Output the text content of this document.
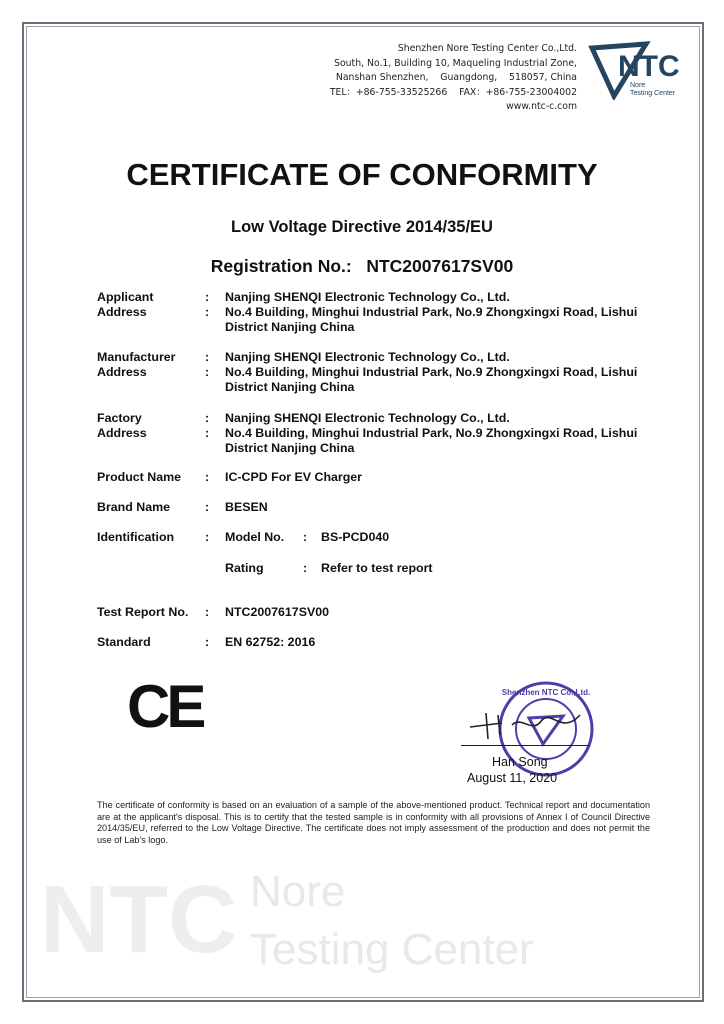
NTC Nore
Testing Center
Shenzhen Nore Testing Center Co.,Ltd.
South, No.1, Building 10, Maqueling Industrial Zone,
Nanshan Shenzhen,    Guangdong,    518057, China
TEL：+86-755-33525266    FAX：+86-755-23004002
www.ntc-c.com
NTC
Nore
Testing Center
CERTIFICATE OF CONFORMITY
Low Voltage Directive 2014/35/EU
Registration No.:   NTC2007617SV00
Applicant	: Nanjing SHENQI Electronic Technology Co., Ltd.
Address	: No.4 Building, Minghui Industrial Park, No.9 Zhongxingxi Road, Lishui District Nanjing China
Manufacturer : Nanjing SHENQI Electronic Technology Co., Ltd.
Address	: No.4 Building, Minghui Industrial Park, No.9 Zhongxingxi Road, Lishui District Nanjing China
Factory	: Nanjing SHENQI Electronic Technology Co., Ltd.
Address	: No.4 Building, Minghui Industrial Park, No.9 Zhongxingxi Road, Lishui District Nanjing China
Product Name : IC-CPD For EV Charger
Brand Name	: BESEN
Identification : Model No.	: BS-PCD040
Rating	: Refer to test report
Test Report No. : NTC2007617SV00
Standard	: EN 62752: 2016
CE	Shenzhen NTC Co.,Ltd.
Han Song
August 11, 2020
The certificate of conformity is based on an evaluation of a sample of the above-mentioned product. Technical report and documentation are at the applicant's disposal. This is to certify that the tested sample is in conformity with all provisions of Annex I of Council Directive 2014/35/EU, referred to the Low Voltage Directive. The certificate does not imply assessment of the production and does not permit the use of Lab's logo.
